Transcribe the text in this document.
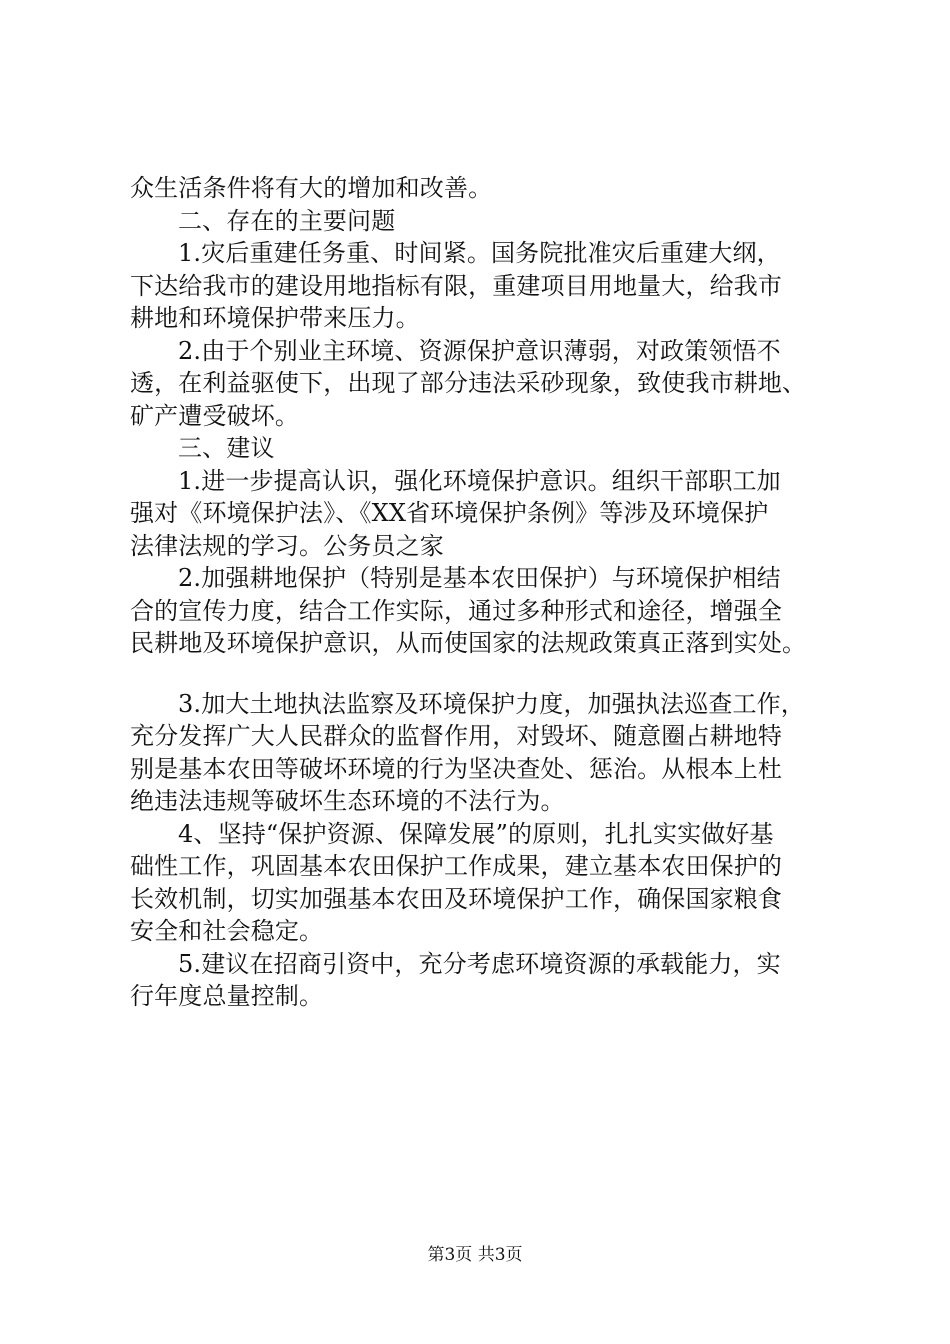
众生活条件将有大的增加和改善。
二、存在的主要问题
1.灾后重建任务重、时间紧。国务院批准灾后重建大纲，
下达给我市的建设用地指标有限，重建项目用地量大，给我市
耕地和环境保护带来压力。
2.由于个别业主环境、资源保护意识薄弱，对政策领悟不
透，在利益驱使下，出现了部分违法采砂现象，致使我市耕地、
矿产遭受破坏。
三、建议
1.进一步提高认识，强化环境保护意识。组织干部职工加
强对《环境保护法》、《XX省环境保护条例》等涉及环境保护
法律法规的学习。公务员之家
2.加强耕地保护（特别是基本农田保护）与环境保护相结
合的宣传力度，结合工作实际，通过多种形式和途径，增强全
民耕地及环境保护意识，从而使国家的法规政策真正落到实处。
3.加大土地执法监察及环境保护力度，加强执法巡查工作，
充分发挥广大人民群众的监督作用，对毁坏、随意圈占耕地特
别是基本农田等破坏环境的行为坚决查处、惩治。从根本上杜
绝违法违规等破坏生态环境的不法行为。
4、坚持“保护资源、保障发展”的原则，扎扎实实做好基
础性工作，巩固基本农田保护工作成果，建立基本农田保护的
长效机制，切实加强基本农田及环境保护工作，确保国家粮食
安全和社会稳定。
5.建议在招商引资中，充分考虑环境资源的承载能力，实
行年度总量控制。
第3页 共3页
